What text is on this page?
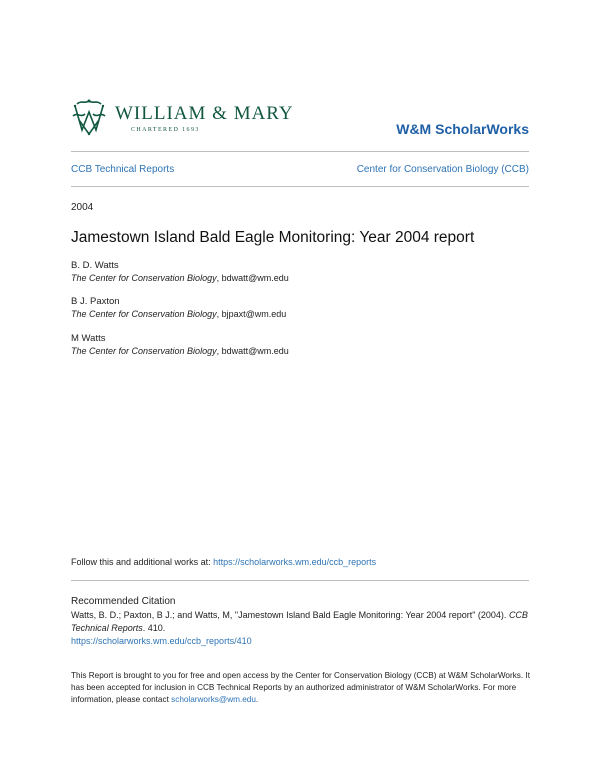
WILLIAM & MARY
CHARTERED 1693	W&M ScholarWorks
CCB Technical Reports	Center for Conservation Biology (CCB)
2004
Jamestown Island Bald Eagle Monitoring: Year 2004 report
B. D. Watts
The Center for Conservation Biology, bdwatt@wm.edu
B J. Paxton
The Center for Conservation Biology, bjpaxt@wm.edu
M Watts
The Center for Conservation Biology, bdwatt@wm.edu
Follow this and additional works at: https://scholarworks.wm.edu/ccb_reports
Recommended Citation
Watts, B. D.; Paxton, B J.; and Watts, M, "Jamestown Island Bald Eagle Monitoring: Year 2004 report" (2004). CCB Technical Reports. 410.
https://scholarworks.wm.edu/ccb_reports/410
This Report is brought to you for free and open access by the Center for Conservation Biology (CCB) at W&M ScholarWorks. It has been accepted for inclusion in CCB Technical Reports by an authorized administrator of W&M ScholarWorks. For more information, please contact scholarworks@wm.edu.
